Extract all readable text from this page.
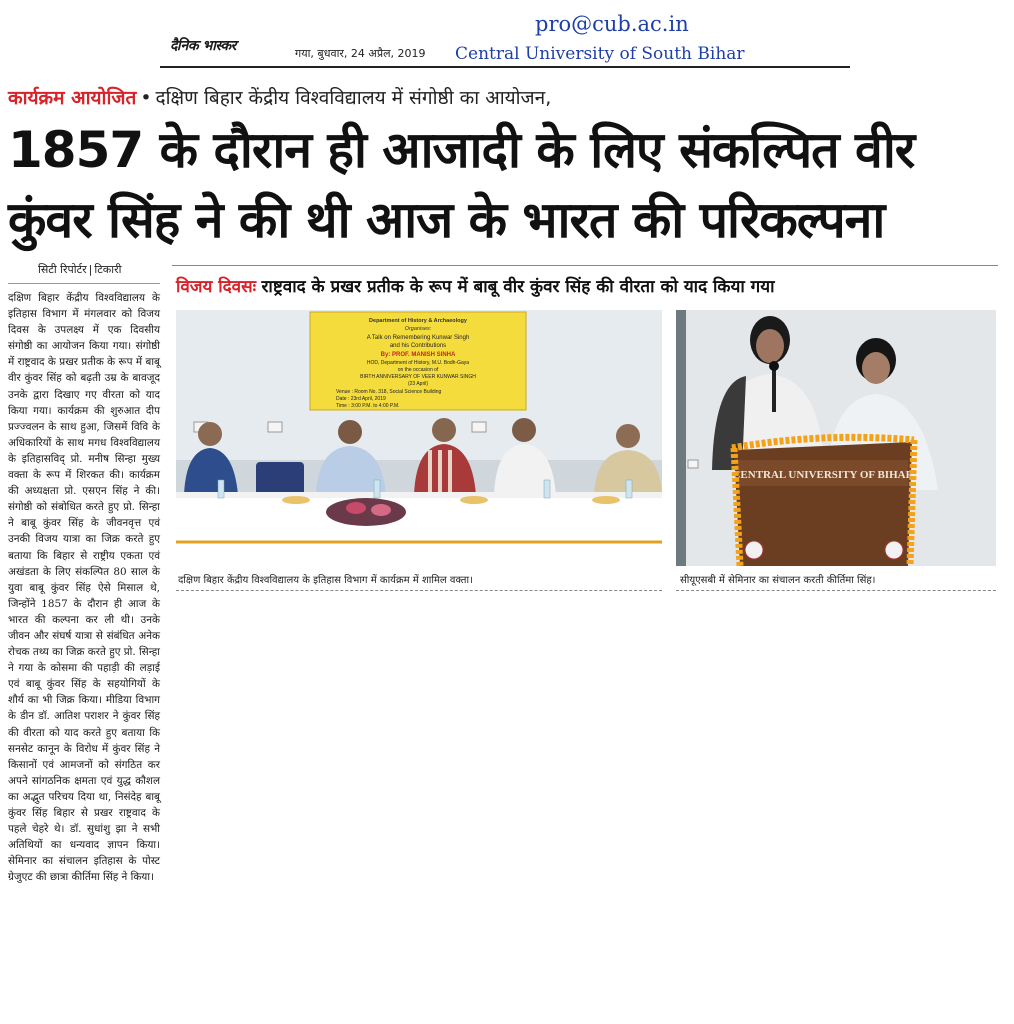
दैनिक भास्कर	गया, बुधवार, 24 अप्रैल, 2019
pro@cub.ac.in
Central University of South Bihar
कार्यक्रम आयोजित • दक्षिण बिहार केंद्रीय विश्वविद्यालय में संगोष्ठी का आयोजन,
1857 के दौरान ही आजादी के लिए संकल्पित वीर
कुंवर सिंह ने की थी आज के भारत की परिकल्पना
सिटी रिपोर्टर | टिकारी

दक्षिण बिहार केंद्रीय विश्वविद्यालय के इतिहास विभाग में मंगलवार को विजय दिवस के उपलक्ष्य में एक दिवसीय संगोष्ठी का आयोजन किया गया। संगोष्ठी में राष्ट्रवाद के प्रखर प्रतीक के रूप में बाबू वीर कुंवर सिंह को बढ़ती उम्र के बावजूद उनके द्वारा दिखाए गए वीरता को याद किया गया। कार्यक्रम की शुरुआत दीप प्रज्ज्वलन के साथ हुआ, जिसमें विवि के अधिकारियों के साथ मगध विश्वविद्यालय के इतिहासविद् प्रो. मनीष सिन्हा मुख्य वक्ता के रूप में शिरकत की। कार्यक्रम की अध्यक्षता प्रो. एसएन सिंह ने की। संगोष्ठी को संबोधित करते हुए प्रो. सिन्हा ने बाबू कुंवर सिंह के जीवनवृत्त एवं उनकी विजय यात्रा का जिक्र करते हुए बताया कि बिहार से राष्ट्रीय एकता एवं अखंडता के लिए संकल्पित 80 साल के युवा बाबू कुंवर सिंह ऐसे मिसाल थे, जिन्होंने 1857 के दौरान ही आज के भारत की कल्पना कर ली थी। उनके जीवन और संघर्ष यात्रा से संबंधित अनेक रोचक तथ्य का जिक्र करते हुए प्रो. सिन्हा ने गया के कोसमा की पहाड़ी की लड़ाई एवं बाबू कुंवर सिंह के सहयोगियों के शौर्य का भी जिक्र किया। मीडिया विभाग के डीन डॉ. आतिश पराशर ने कुंवर सिंह की वीरता को याद करते हुए बताया कि सनसेट कानून के विरोध में कुंवर सिंह ने किसानों एवं आमजनों को संगठित कर अपने सांगठनिक क्षमता एवं युद्ध कौशल का अद्भुत परिचय दिया था, निसंदेह बाबू कुंवर सिंह बिहार से प्रखर राष्ट्रवाद के पहले चेहरे थे। डॉ. सुधांशु झा ने सभी अतिथियों का धन्यवाद ज्ञापन किया। सेमिनार का संचालन इतिहास के पोस्ट ग्रेजुएट की छात्रा कीर्तिमा सिंह ने किया।

विजय दिवसः राष्ट्रवाद के प्रखर प्रतीक के रूप में बाबू वीर कुंवर सिंह की वीरता को याद किया गया
Department of History & Archaeology
Organises:
A Talk on Remembering Kunwar Singh
and his Contributions
By: PROF. MANISH SINHA
HOD, Department of History, M.U. Bodh-Gaya
on the occasion of
BIRTH ANNIVERSARY OF VEER KUNWAR SINGH
(23 April)
Venue : Room No. 318, Social Science Building
Date : 23rd April, 2019
Time : 3:00 P.M. to 4:00 P.M.
CENTRAL UNIVERSITY OF BIHAR
दक्षिण बिहार केंद्रीय विश्वविद्यालय के इतिहास विभाग में कार्यक्रम में शामिल वक्ता।	सीयूएसबी में सेमिनार का संचालन करती कीर्तिमा सिंह।
